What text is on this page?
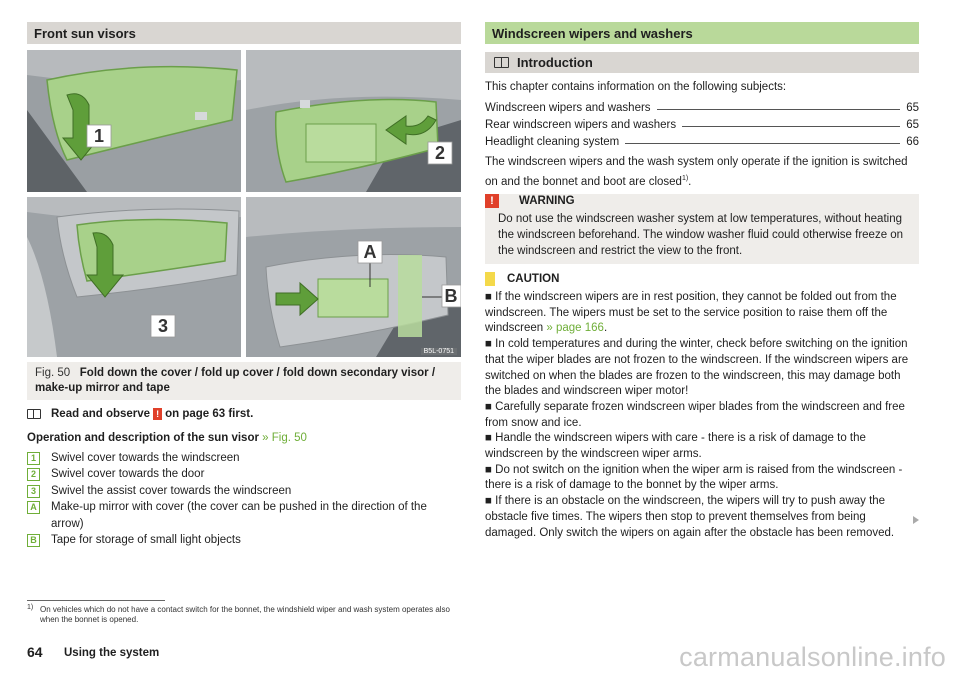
Front sun visors
1
2
3
A
B
B5L-0751
Fig. 50 Fold down the cover / fold up cover / fold down secondary visor / make-up mirror and tape
Read and observe ! on page 63 first.
Operation and description of the sun visor » Fig. 50
1	Swivel cover towards the windscreen
2	Swivel cover towards the door
3	Swivel the assist cover towards the windscreen
A Make-up mirror with cover (the cover can be pushed in the direction of the arrow)
B Tape for storage of small light objects
Windscreen wipers and washers
Introduction
This chapter contains information on the following subjects:
Windscreen wipers and washers	65
Rear windscreen wipers and washers	65
Headlight cleaning system	66
The windscreen wipers and the wash system only operate if the ignition is switched on and the bonnet and boot are closed$^{1)}$.
!	WARNING
Do not use the windscreen washer system at low temperatures, without heating the windscreen beforehand. The window washer fluid could otherwise freeze on the windscreen and restrict the view to the front.
CAUTION

■ If the windscreen wipers are in rest position, they cannot be folded out from the windscreen. The wipers must be set to the service position to raise them off the windscreen » page 166.

■ In cold temperatures and during the winter, check before switching on the ignition that the wiper blades are not frozen to the windscreen. If the windscreen wipers are switched on when the blades are frozen to the windscreen, this may damage both the blades and windscreen wiper motor!

■ Carefully separate frozen windscreen wiper blades from the windscreen and free from snow and ice.

■ Handle the windscreen wipers with care - there is a risk of damage to the windscreen by the windscreen wiper arms.

■ Do not switch on the ignition when the wiper arm is raised from the windscreen - there is a risk of damage to the bonnet by the wiper arms.

■ If there is an obstacle on the windscreen, the wipers will try to push away the obstacle five times. The wipers then stop to prevent themselves from being damaged. Only switch the wipers on again after the obstacle has been removed.

1) On vehicles which do not have a contact switch for the bonnet, the windshield wiper and wash system operates also when the bonnet is opened.
64 Using the system	carmanualsonline.info
